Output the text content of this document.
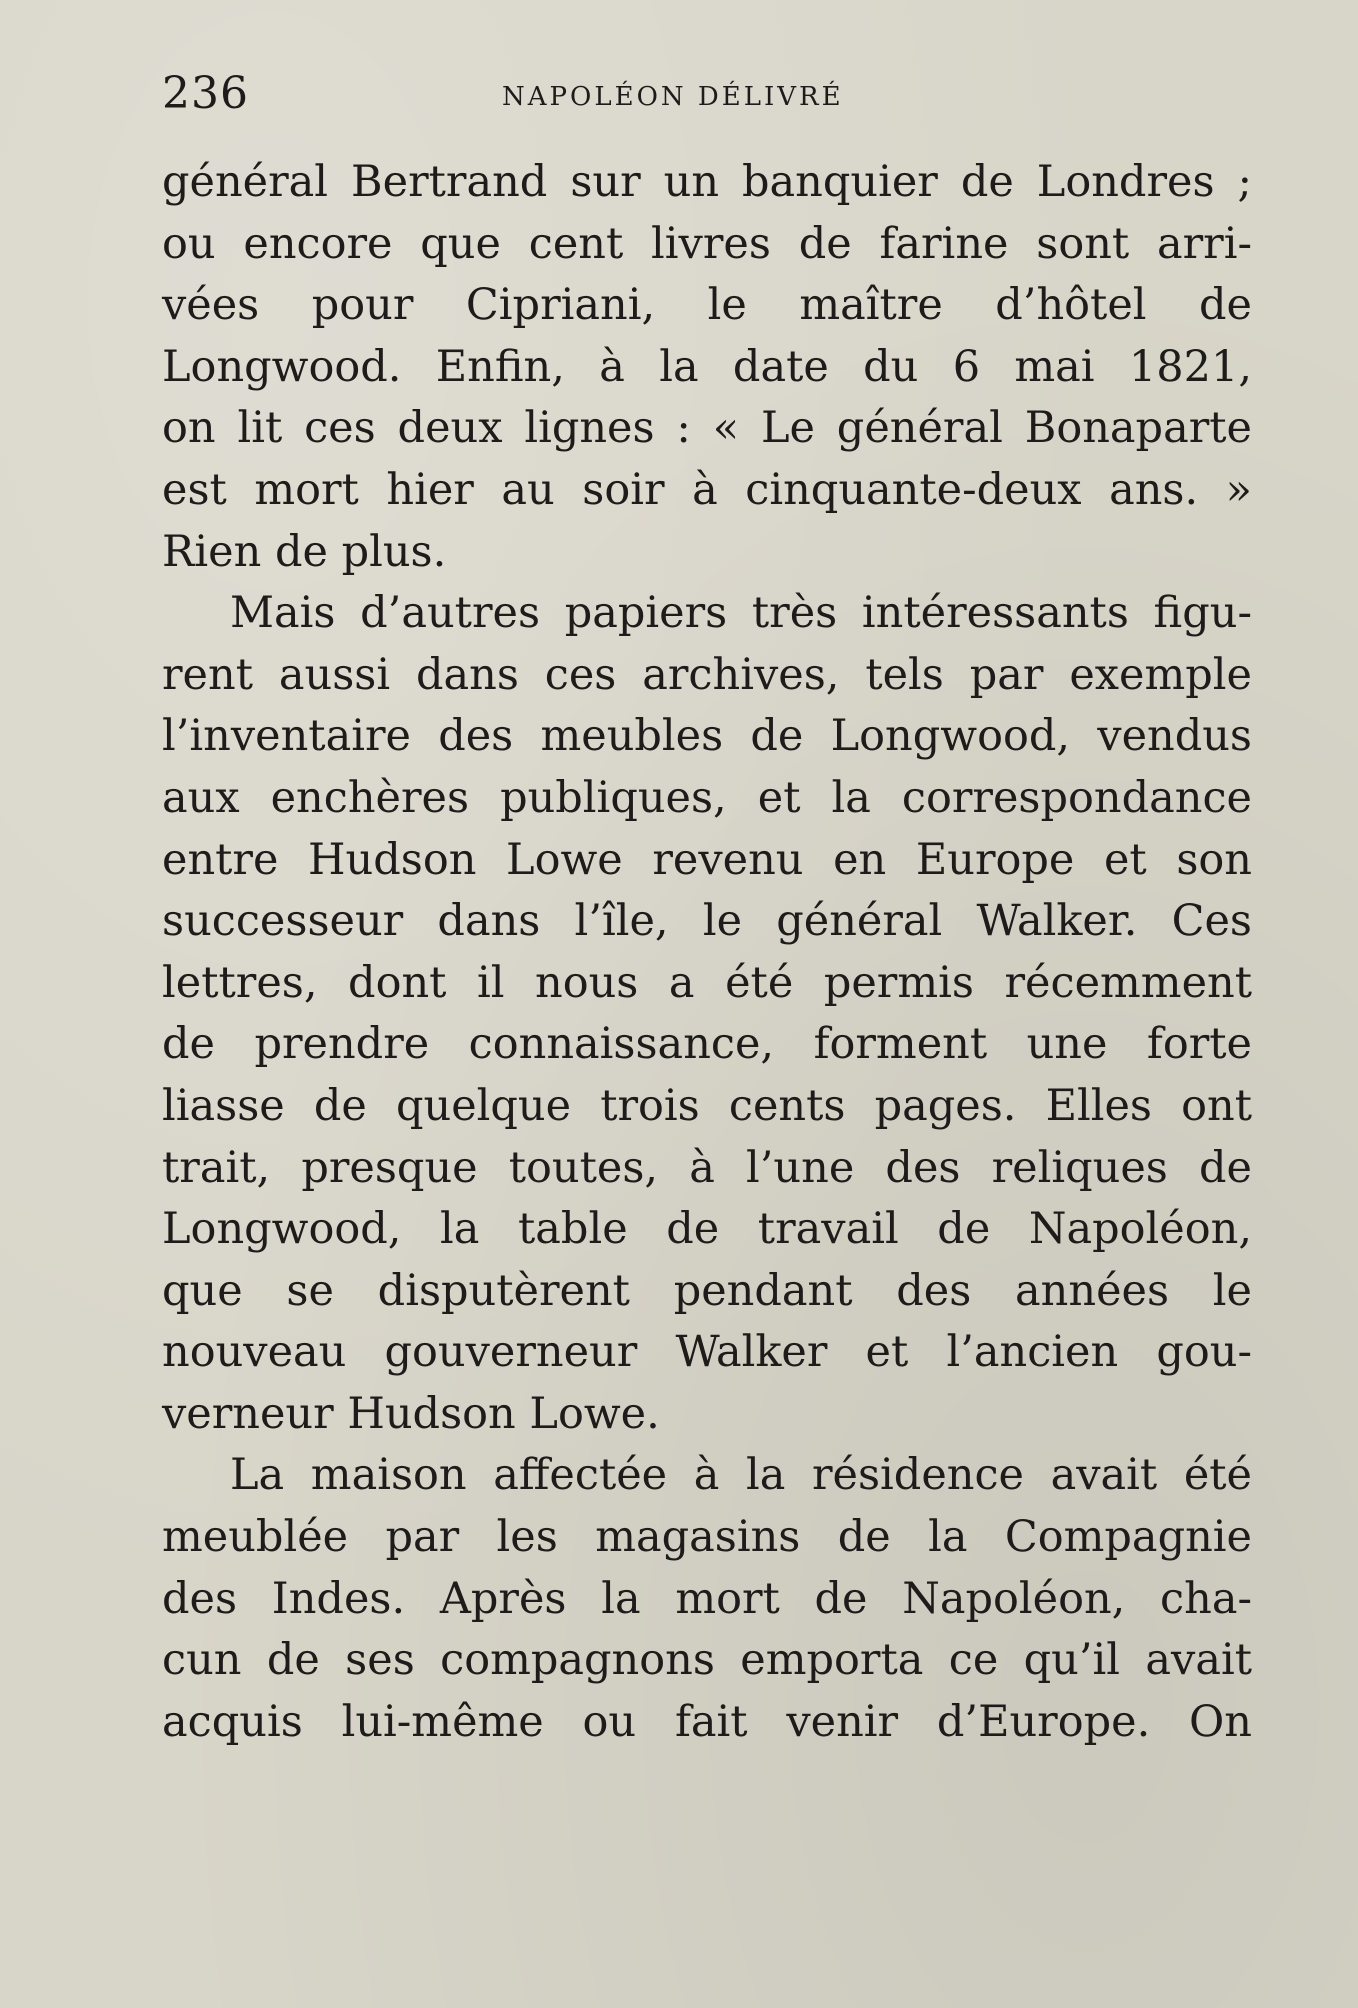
236	NAPOLÉON DÉLIVRÉ
général Bertrand sur un banquier de Londres ;
ou encore que cent livres de farine sont arri-
vées pour Cipriani, le maître d’hôtel de
Longwood. Enfin, à la date du 6 mai 1821,
on lit ces deux lignes : « Le général Bonaparte
est mort hier au soir à cinquante-deux ans. »
Rien de plus.
Mais d’autres papiers très intéressants figu-
rent aussi dans ces archives, tels par exemple
l’inventaire des meubles de Longwood, vendus
aux enchères publiques, et la correspondance
entre Hudson Lowe revenu en Europe et son
successeur dans l’île, le général Walker. Ces
lettres, dont il nous a été permis récemment
de prendre connaissance, forment une forte
liasse de quelque trois cents pages. Elles ont
trait, presque toutes, à l’une des reliques de
Longwood, la table de travail de Napoléon,
que se disputèrent pendant des années le
nouveau gouverneur Walker et l’ancien gou-
verneur Hudson Lowe.
La maison affectée à la résidence avait été
meublée par les magasins de la Compagnie
des Indes. Après la mort de Napoléon, cha-
cun de ses compagnons emporta ce qu’il avait
acquis lui-même ou fait venir d’Europe. On
